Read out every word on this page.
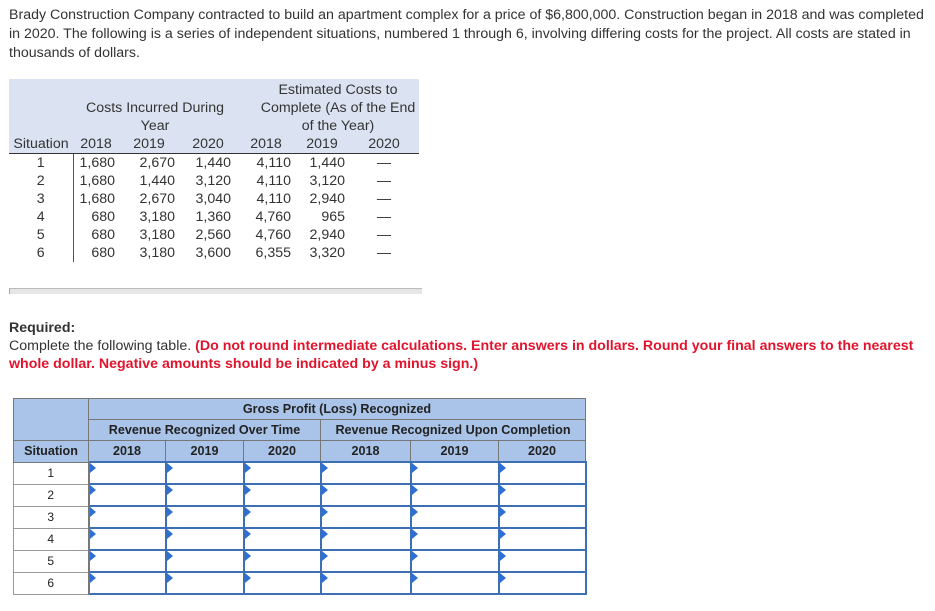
Brady Construction Company contracted to build an apartment complex for a price of $6,800,000. Construction began in 2018 and was completed in 2020. The following is a series of independent situations, numbered 1 through 6, involving differing costs for the project. All costs are stated in thousands of dollars.

	Costs Incurred During Year			Estimated Costs to Complete (As of the End of the Year)		
Situation	2018	2019	2020	2018	2019	2020
1	1,680	2,670	1,440	4,110	1,440	—
2	1,680	1,440	3,120	4,110	3,120	—
3	1,680	2,670	3,040	4,110	2,940	—
4	680	3,180	1,360	4,760	965	—
5	680	3,180	2,560	4,760	2,940	—
6	680	3,180	3,600	6,355	3,320	—
Required:
Complete the following table. (Do not round intermediate calculations. Enter answers in dollars. Round your final answers to the nearest whole dollar. Negative amounts should be indicated by a minus sign.)
	Gross Profit (Loss) Recognized					
	Revenue Recognized Over Time			Revenue Recognized Upon Completion		
Situation	2018	2019	2020	2018	2019	2020
1						
2						
3						
4						
5						
6						
